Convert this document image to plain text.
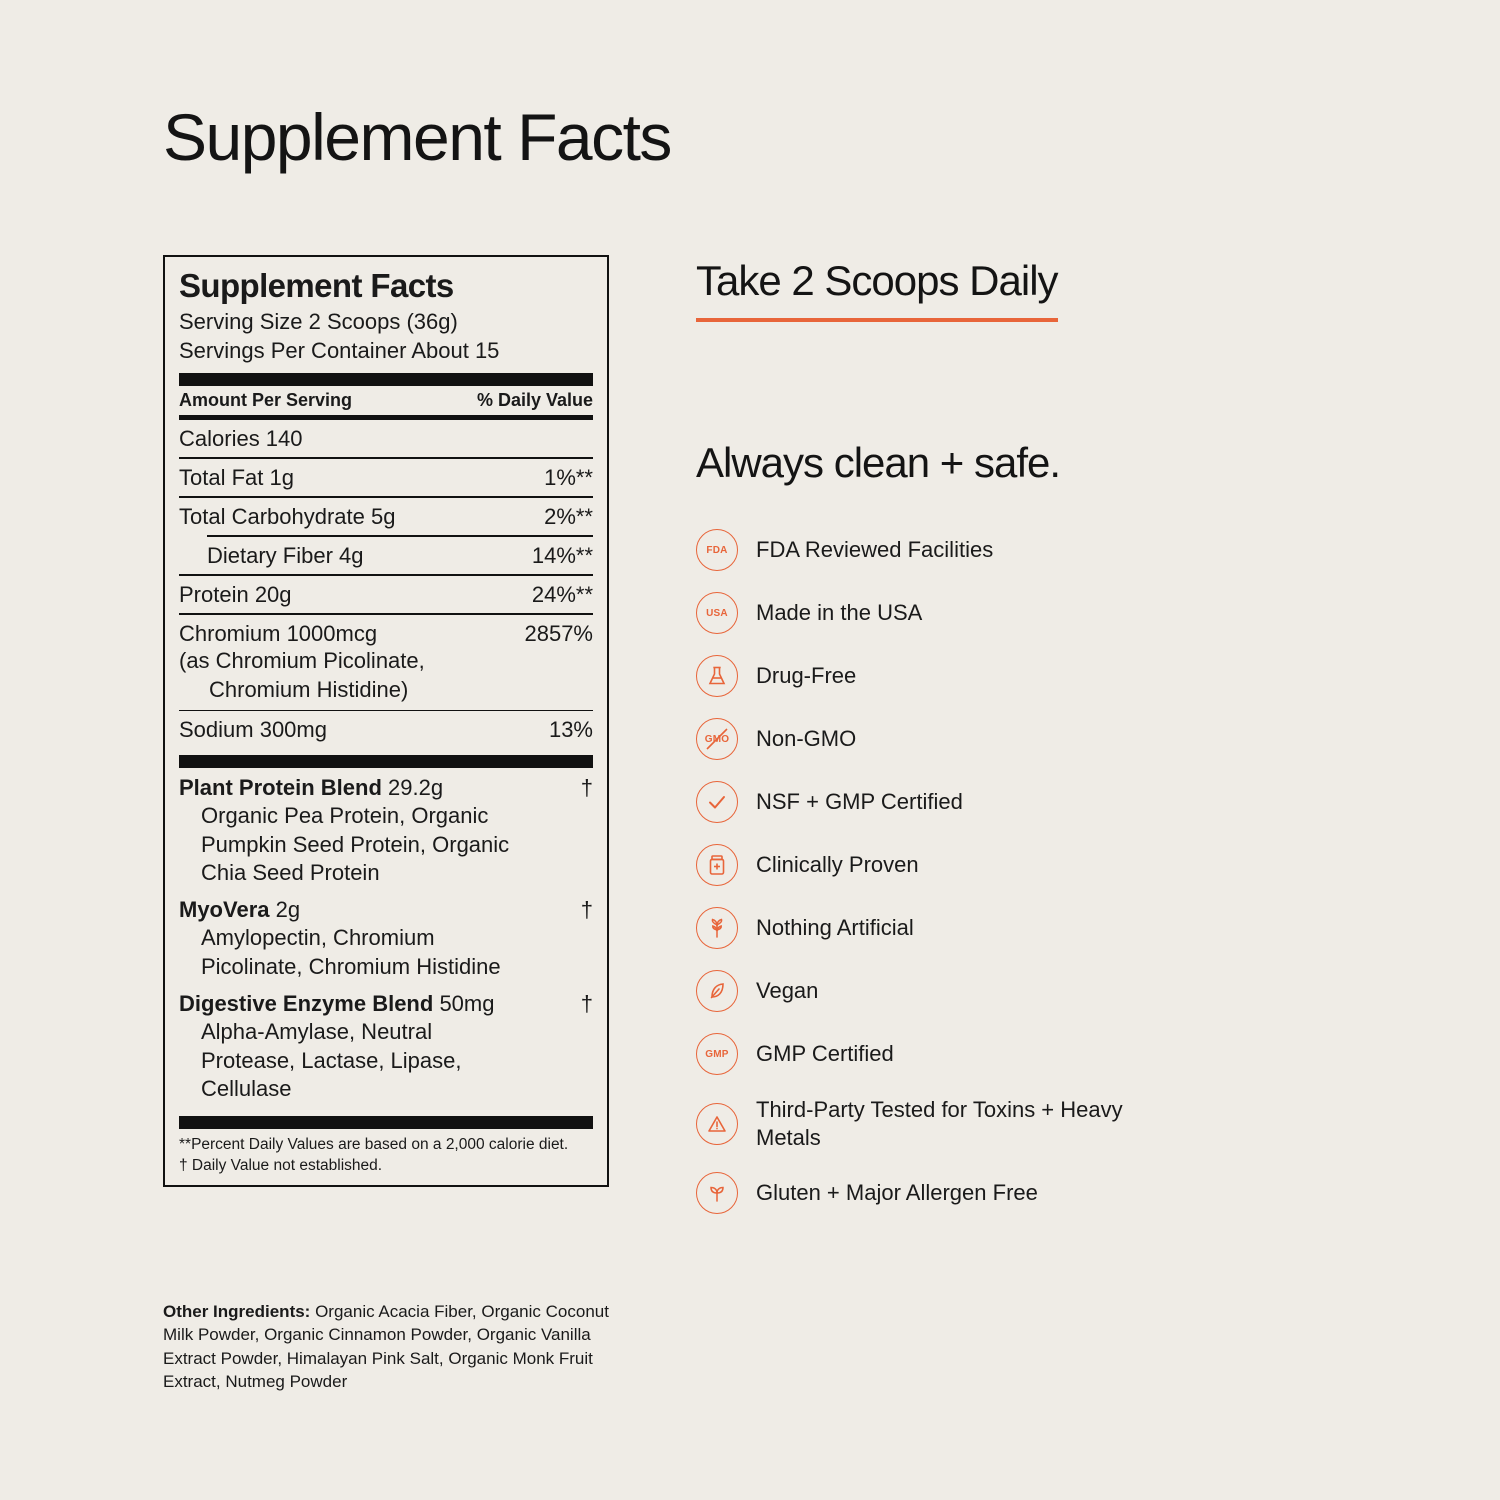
Supplement Facts
Supplement Facts
Serving Size 2 Scoops (36g)
Servings Per Container About 15
Amount Per Serving	% Daily Value
Calories 140
Total Fat 1g	1%**
Total Carbohydrate 5g	2%**
Dietary Fiber 4g	14%**
Protein 20g	24%**
Chromium 1000mcg	2857%
(as Chromium Picolinate,
Chromium Histidine)
Sodium 300mg	13%
Plant Protein Blend 29.2g	†
Organic Pea Protein, Organic Pumpkin Seed Protein, Organic Chia Seed Protein
MyoVera 2g	†
Amylopectin, Chromium Picolinate, Chromium Histidine
Digestive Enzyme Blend 50mg	†
Alpha-Amylase, Neutral Protease, Lactase, Lipase, Cellulase
**Percent Daily Values are based on a 2,000 calorie diet.
† Daily Value not established.
Other Ingredients: Organic Acacia Fiber, Organic Coconut Milk Powder, Organic Cinnamon Powder, Organic Vanilla Extract Powder, Himalayan Pink Salt, Organic Monk Fruit Extract, Nutmeg Powder
Take 2 Scoops Daily
Always clean + safe.
FDA FDA Reviewed Facilities
USA Made in the USA
Drug-Free
GMO Non-GMO
NSF + GMP Certified
Clinically Proven
Nothing Artificial
Vegan
GMP GMP Certified
Third-Party Tested for Toxins + Heavy Metals
Gluten + Major Allergen Free
